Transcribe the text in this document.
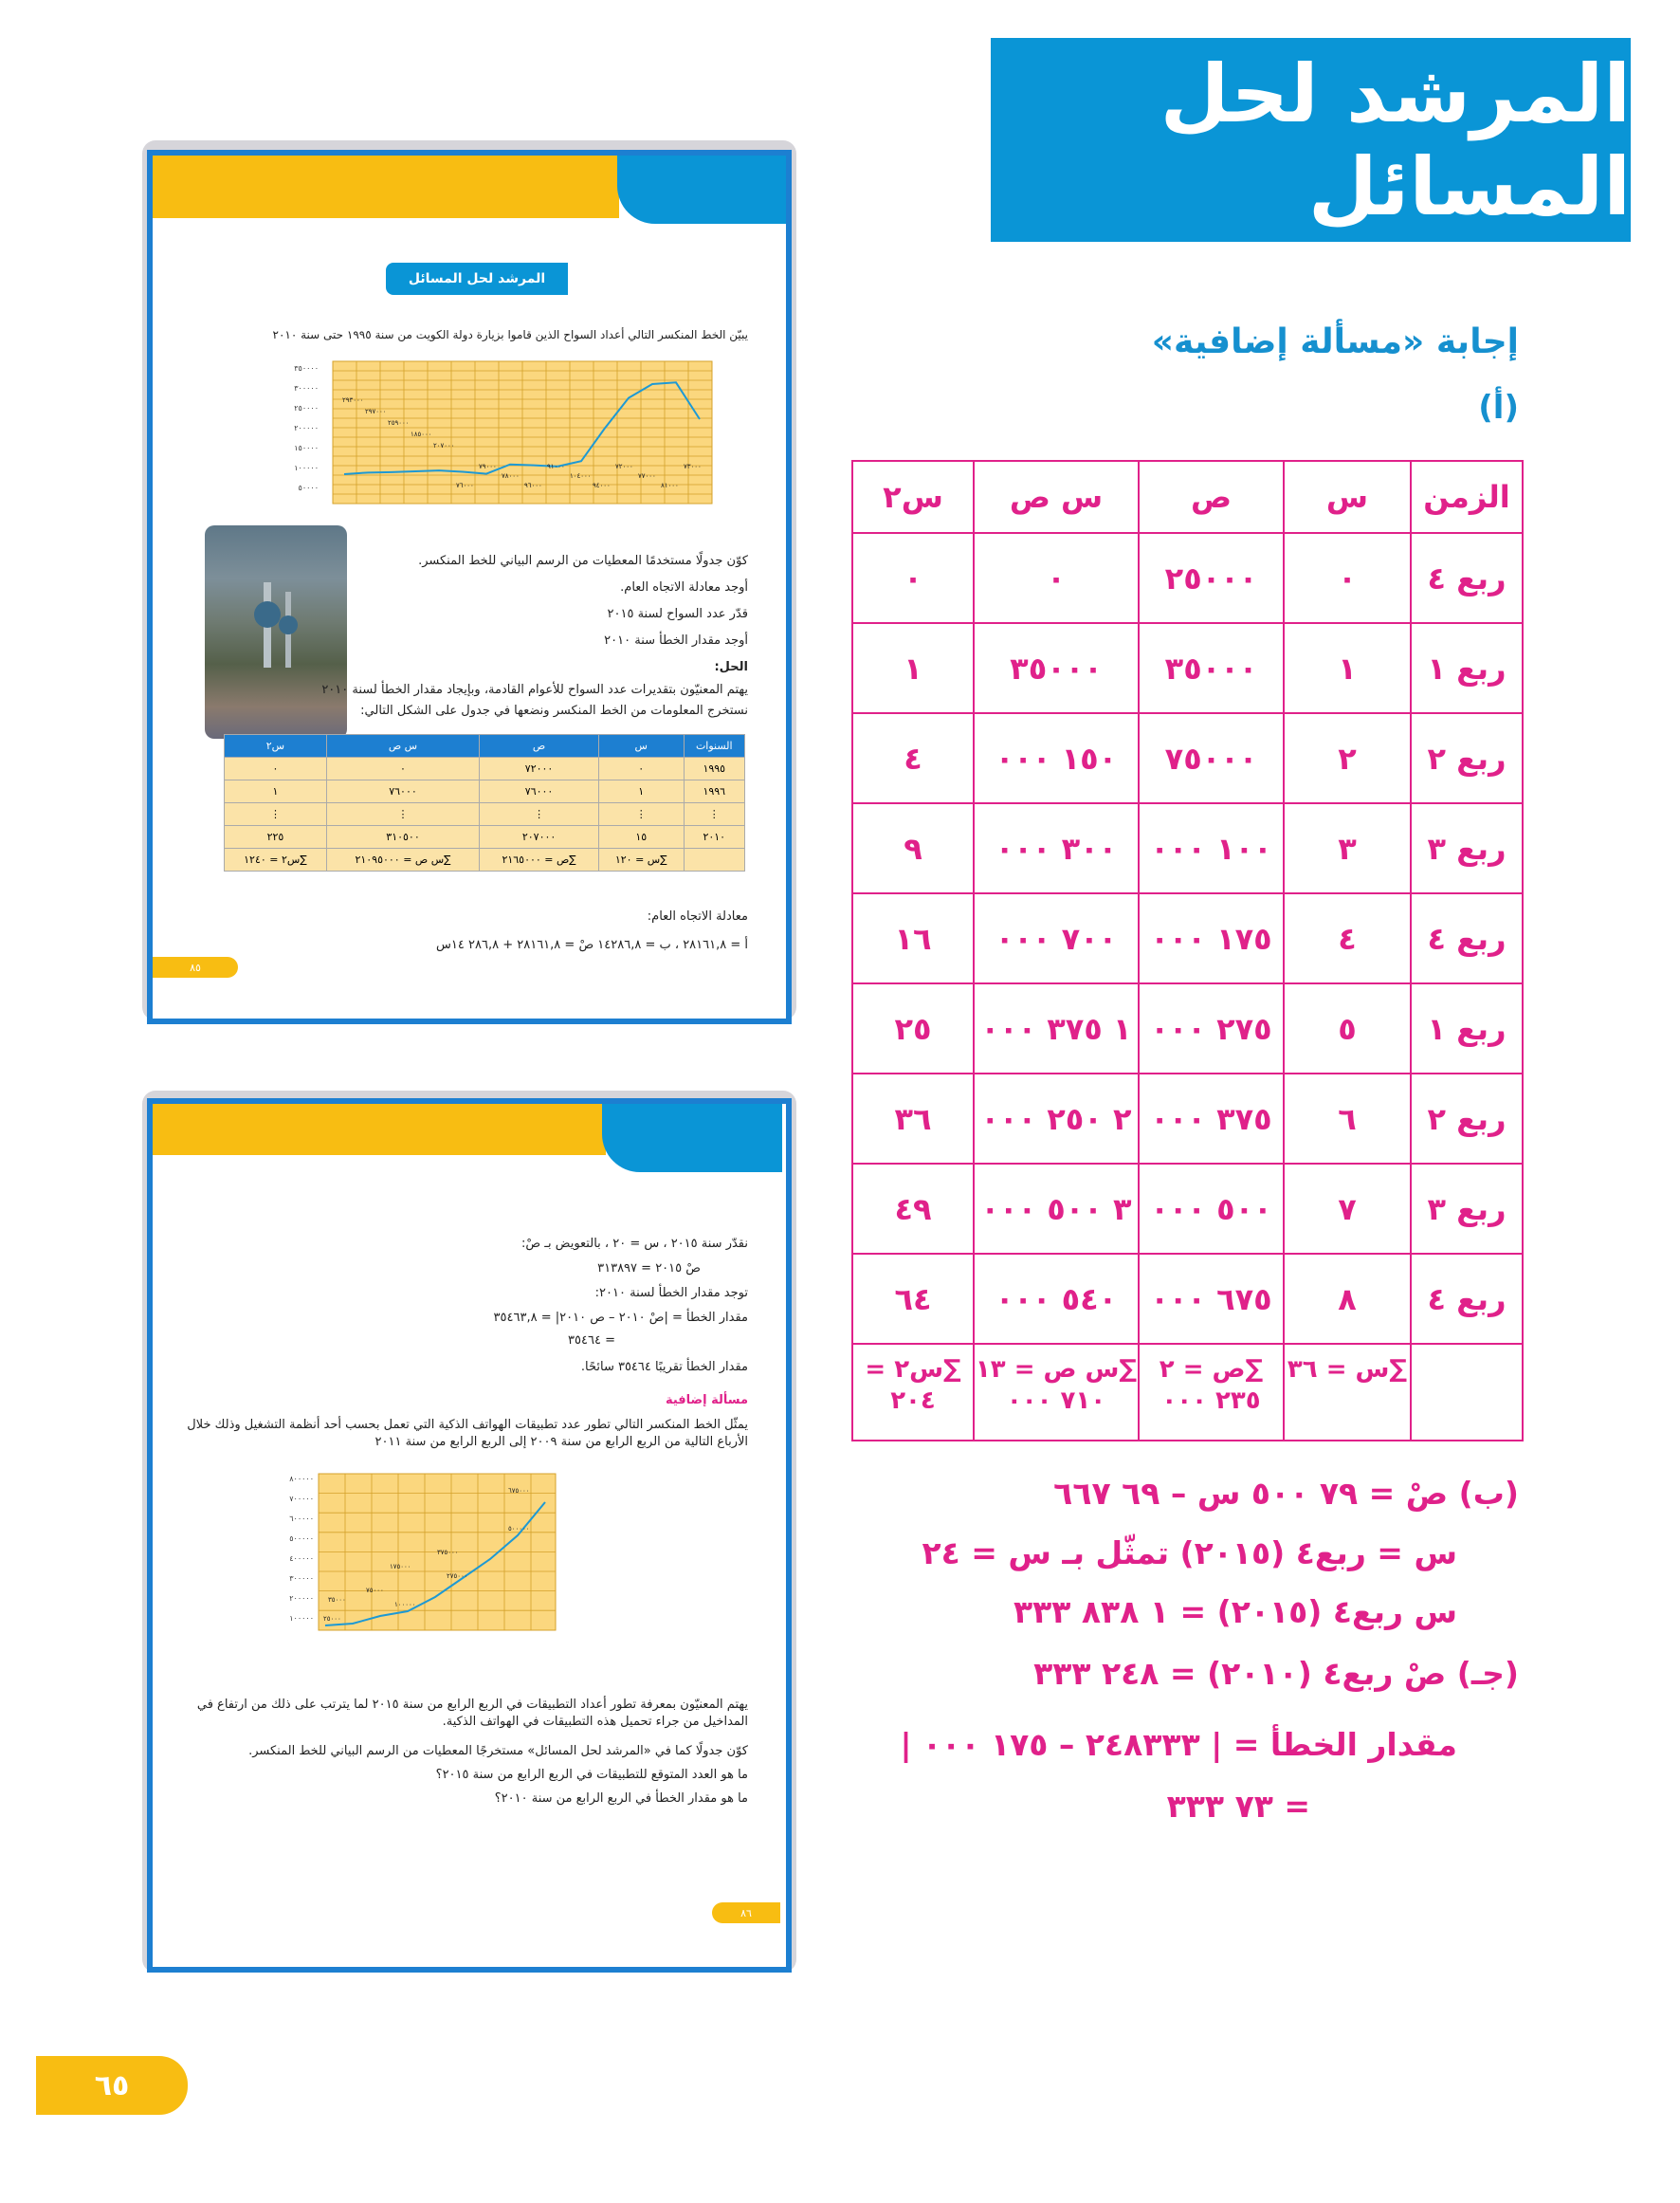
المرشد لحل المسائل
إجابة «مسألة إضافية»
(أ)
الزمن	س	ص	س ص	س٢
ربع ٤	٠	٢٥٠٠٠	٠	٠
ربع ١	١	٣٥٠٠٠	٣٥٠٠٠	١
ربع ٢	٢	٧٥٠٠٠	١٥٠ ٠٠٠	٤
ربع ٣	٣	١٠٠ ٠٠٠	٣٠٠ ٠٠٠	٩
ربع ٤	٤	١٧٥ ٠٠٠	٧٠٠ ٠٠٠	١٦
ربع ١	٥	٢٧٥ ٠٠٠	١ ٣٧٥ ٠٠٠	٢٥
ربع ٢	٦	٣٧٥ ٠٠٠	٢ ٢٥٠ ٠٠٠	٣٦
ربع ٣	٧	٥٠٠ ٠٠٠	٣ ٥٠٠ ٠٠٠	٤٩
ربع ٤	٨	٦٧٥ ٠٠٠	٥٤٠ ٠٠٠	٦٤
	∑س = ٣٦	∑ص = ٢ ٢٣٥ ٠٠٠	∑س ص = ١٣ ٧١٠ ٠٠٠	∑س٢ = ٢٠٤
(ب) صْ = ٧٩ ٥٠٠ س – ٦٩ ٦٦٧
س = ربع٤ (٢٠١٥) تمثّل بـ س = ٢٤
س ربع٤ (٢٠١٥) = ١ ٨٣٨ ٣٣٣
(جـ) صْ ربع٤ (٢٠١٠) = ٢٤٨ ٣٣٣
مقدار الخطأ = | ٢٤٨٣٣٣ – ١٧٥ ٠٠٠ |
= ٧٣ ٣٣٣
المرشد لحل المسائل
يبيّن الخط المنكسر التالي أعداد السواح الذين قاموا بزيارة دولة الكويت من سنة ١٩٩٥ حتى سنة ٢٠١٠
٣٥٠٠٠٠
٣٠٠٠٠٠
٢٥٠٠٠٠
٢٠٠٠٠٠
١٥٠٠٠٠
١٠٠٠٠٠
٥٠٠٠٠
٢٩٣٠٠٠
٢٩٧٠٠٠
٢٥٩٠٠٠
١٨٥٠٠٠
٢٠٧٠٠٠
٧٦٠٠٠
٧٩٠٠٠
٧٨٠٠٠
٩٦٠٠٠
٩١٠٠٠
١٠٤٠٠٠
٩٤٠٠٠
٧٢٠٠٠
٧٧٠٠٠
٨١٠٠٠
٧٣٠٠٠
كوّن جدولًا مستخدمًا المعطيات من الرسم البياني للخط المنكسر.
أوجد معادلة الاتجاه العام.
قدّر عدد السواح لسنة ٢٠١٥
أوجد مقدار الخطأ سنة ٢٠١٠
الحل:
يهتم المعنيّون بتقديرات عدد السواح للأعوام القادمة، وبإيجاد مقدار الخطأ لسنة ٢٠١٠
نستخرج المعلومات من الخط المنكسر ونضعها في جدول على الشكل التالي:
السنوات	س	ص	س ص	س٢
١٩٩٥	٠	٧٢٠٠٠	٠	٠
١٩٩٦	١	٧٦٠٠٠	٧٦٠٠٠	١
⋮	⋮	⋮	⋮	⋮
٢٠١٠	١٥	٢٠٧٠٠٠	٣١٠٥٠٠	٢٢٥
	∑س = ١٢٠	∑ص = ٢١٦٥٠٠٠	∑س ص = ٢١٠٩٥٠٠٠	∑س٢ = ١٢٤٠
معادلة الاتجاه العام:
أ = ٢٨١٦١,٨ ، ب = ١٤٢٨٦,٨ صْ = ٢٨١٦١,٨ + ٢٨٦,٨ ١٤س
٨٥
نقدّر سنة ٢٠١٥ ، س = ٢٠ ، بالتعويض بـ صْ:
صْ ٢٠١٥ = ٣١٣٨٩٧
توجد مقدار الخطأ لسنة ٢٠١٠:
مقدار الخطأ = |صْ ٢٠١٠ – ص ٢٠١٠| = ٣٥٤٦٣,٨
= ٣٥٤٦٤
مقدار الخطأ تقريبًا ٣٥٤٦٤ سائحًا.
مسألة إضافية
يمثّل الخط المنكسر التالي تطور عدد تطبيقات الهواتف الذكية التي تعمل بحسب أحد أنظمة التشغيل وذلك خلال الأرباع التالية من الربع الرابع من سنة ٢٠٠٩ إلى الربع الرابع من سنة ٢٠١١
٨٠٠٠٠٠
٧٠٠٠٠٠
٦٠٠٠٠٠
٥٠٠٠٠٠
٤٠٠٠٠٠
٣٠٠٠٠٠
٢٠٠٠٠٠
١٠٠٠٠٠
٦٧٥٠٠٠
٥٠٠٠٠٠
٣٧٥٠٠٠
٢٧٥٠٠٠
١٧٥٠٠٠
١٠٠٠٠٠
٧٥٠٠٠
٣٥٠٠٠
٢٥٠٠٠
يهتم المعنيّون بمعرفة تطور أعداد التطبيقات في الربع الرابع من سنة ٢٠١٥ لما يترتب على ذلك من ارتفاع في المداخيل من جراء تحميل هذه التطبيقات في الهواتف الذكية.
كوّن جدولًا كما في «المرشد لحل المسائل» مستخرجًا المعطيات من الرسم البياني للخط المنكسر.
ما هو العدد المتوقع للتطبيقات في الربع الرابع من سنة ٢٠١٥؟
ما هو مقدار الخطأ في الربع الرابع من سنة ٢٠١٠؟
٨٦
٦٥
